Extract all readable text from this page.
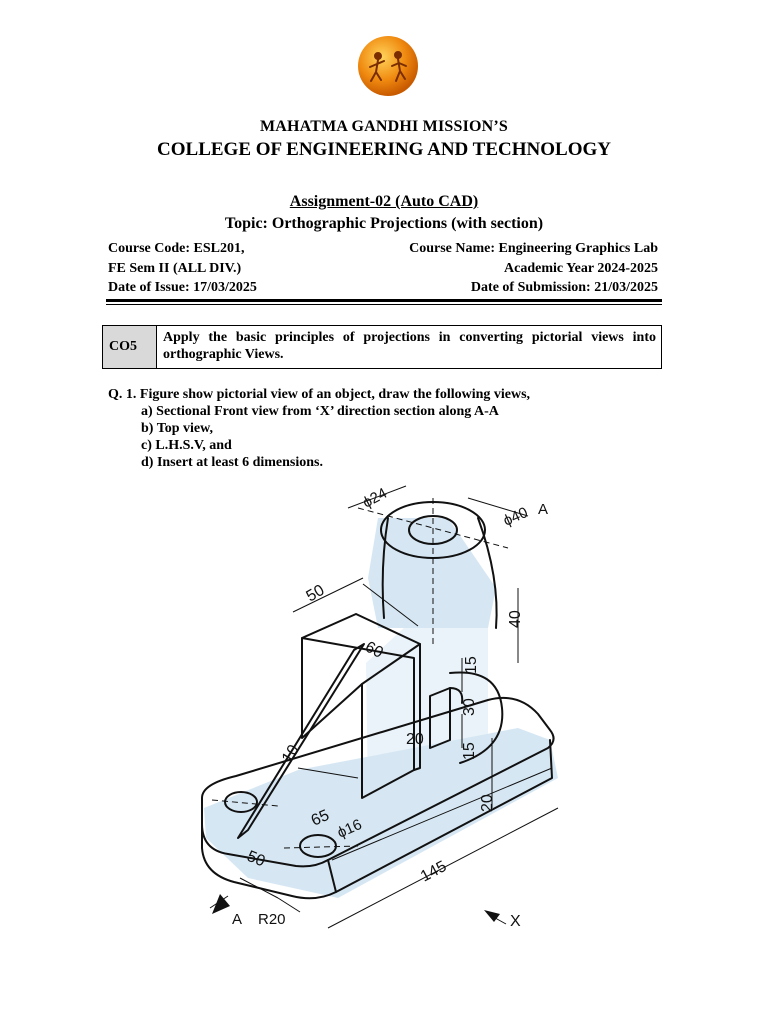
MAHATMA GANDHI MISSION’S
COLLEGE OF ENGINEERING AND TECHNOLOGY
Assignment-02 (Auto CAD)
Topic: Orthographic Projections (with section)
Course Code: ESL201,	Course Name: Engineering Graphics Lab
FE Sem II (ALL DIV.)	Academic Year 2024-2025
Date of Issue: 17/03/2025	Date of Submission: 21/03/2025
CO5
Apply the basic principles of projections in converting pictorial views into orthographic Views.
Q. 1. Figure show pictorial view of an object, draw the following views,
a) Sectional Front view from ‘X’ direction section along A-A
b) Top view,
c) L.H.S.V, and
d) Insert at least 6 dimensions.
ϕ24
ϕ40 A
50
40
60
15
30
20
15
10
20
65 ϕ16
50	145
A R20	X
